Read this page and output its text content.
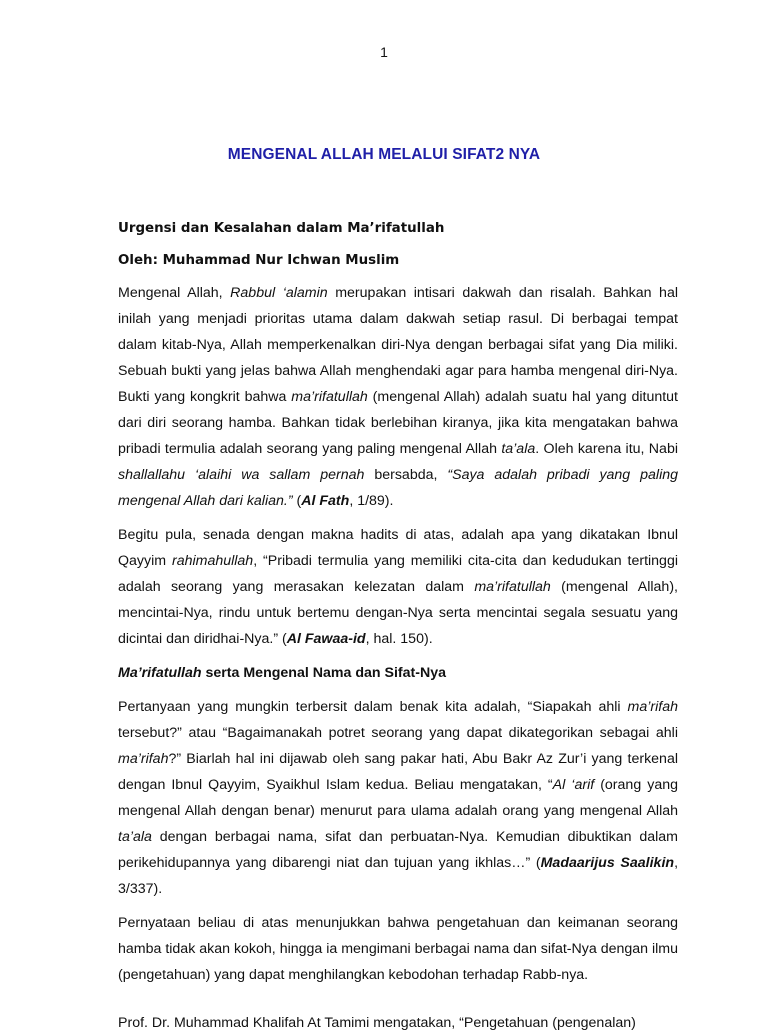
1
MENGENAL ALLAH MELALUI SIFAT2 NYA

Urgensi dan Kesalahan dalam Ma’rifatullah

Oleh: Muhammad Nur Ichwan Muslim

Mengenal Allah, Rabbul ‘alamin merupakan intisari dakwah dan risalah. Bahkan hal inilah yang menjadi prioritas utama dalam dakwah setiap rasul. Di berbagai tempat dalam kitab-Nya, Allah memperkenalkan diri-Nya dengan berbagai sifat yang Dia miliki. Sebuah bukti yang jelas bahwa Allah menghendaki agar para hamba mengenal diri-Nya. Bukti yang kongkrit bahwa ma’rifatullah (mengenal Allah) adalah suatu hal yang dituntut dari diri seorang hamba. Bahkan tidak berlebihan kiranya, jika kita mengatakan bahwa pribadi termulia adalah seorang yang paling mengenal Allah ta’ala. Oleh karena itu, Nabi shallallahu ‘alaihi wa sallam pernah bersabda, “Saya adalah pribadi yang paling mengenal Allah dari kalian.” (Al Fath, 1/89).

Begitu pula, senada dengan makna hadits di atas, adalah apa yang dikatakan Ibnul Qayyim rahimahullah, “Pribadi termulia yang memiliki cita-cita dan kedudukan tertinggi adalah seorang yang merasakan kelezatan dalam ma’rifatullah (mengenal Allah), mencintai-Nya, rindu untuk bertemu dengan-Nya serta mencintai segala sesuatu yang dicintai dan diridhai-Nya.” (Al Fawaa-id, hal. 150).

Ma’rifatullah serta Mengenal Nama dan Sifat-Nya

Pertanyaan yang mungkin terbersit dalam benak kita adalah, “Siapakah ahli ma’rifah tersebut?” atau “Bagaimanakah potret seorang yang dapat dikategorikan sebagai ahli ma’rifah?” Biarlah hal ini dijawab oleh sang pakar hati, Abu Bakr Az Zur’i yang terkenal dengan Ibnul Qayyim, Syaikhul Islam kedua. Beliau mengatakan, “Al ‘arif (orang yang mengenal Allah dengan benar) menurut para ulama adalah orang yang mengenal Allah ta’ala dengan berbagai nama, sifat dan perbuatan-Nya. Kemudian dibuktikan dalam perikehidupannya yang dibarengi niat dan tujuan yang ikhlas…” (Madaarijus Saalikin, 3/337).

Pernyataan beliau di atas menunjukkan bahwa pengetahuan dan keimanan seorang hamba tidak akan kokoh, hingga ia mengimani berbagai nama dan sifat-Nya dengan ilmu (pengetahuan) yang dapat menghilangkan kebodohan terhadap Rabb-nya.

Prof. Dr. Muhammad Khalifah At Tamimi mengatakan, “Pengetahuan (pengenalan)
